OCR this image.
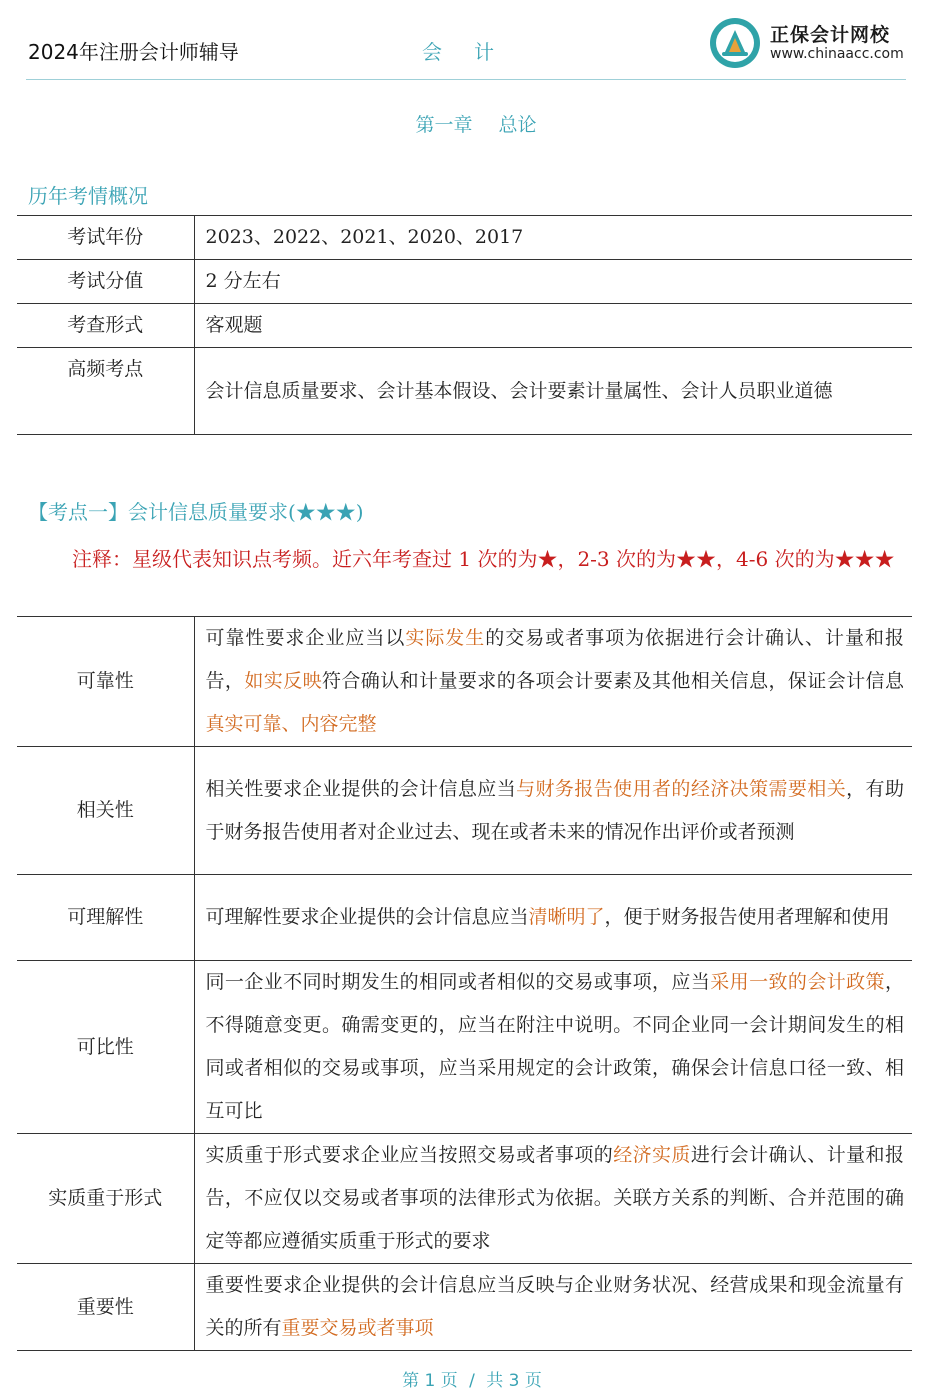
2024年注册会计师辅导	会计
正保会计网校
www.chinaacc.com
第一章 总论
历年考情概况
考试年份	2023、2022、2021、2020、2017
考试分值	2 分左右
考查形式	客观题
高频考点	会计信息质量要求、会计基本假设、会计要素计量属性、会计人员职业道德
【考点一】会计信息质量要求(★★★)
注释：星级代表知识点考频。近六年考查过 1 次的为★，2-3 次的为★★，4-6 次的为★★★
可靠性	可靠性要求企业应当以实际发生的交易或者事项为依据进行会计确认、计量和报告，如实反映符合确认和计量要求的各项会计要素及其他相关信息，保证会计信息真实可靠、内容完整
相关性	相关性要求企业提供的会计信息应当与财务报告使用者的经济决策需要相关，有助于财务报告使用者对企业过去、现在或者未来的情况作出评价或者预测
可理解性	可理解性要求企业提供的会计信息应当清晰明了，便于财务报告使用者理解和使用
可比性	同一企业不同时期发生的相同或者相似的交易或事项，应当采用一致的会计政策，不得随意变更。确需变更的，应当在附注中说明。不同企业同一会计期间发生的相同或者相似的交易或事项，应当采用规定的会计政策，确保会计信息口径一致、相互可比
实质重于形式	实质重于形式要求企业应当按照交易或者事项的经济实质进行会计确认、计量和报告，不应仅以交易或者事项的法律形式为依据。关联方关系的判断、合并范围的确定等都应遵循实质重于形式的要求
重要性	重要性要求企业提供的会计信息应当反映与企业财务状况、经营成果和现金流量有关的所有重要交易或者事项
第 1 页 / 共 3 页
